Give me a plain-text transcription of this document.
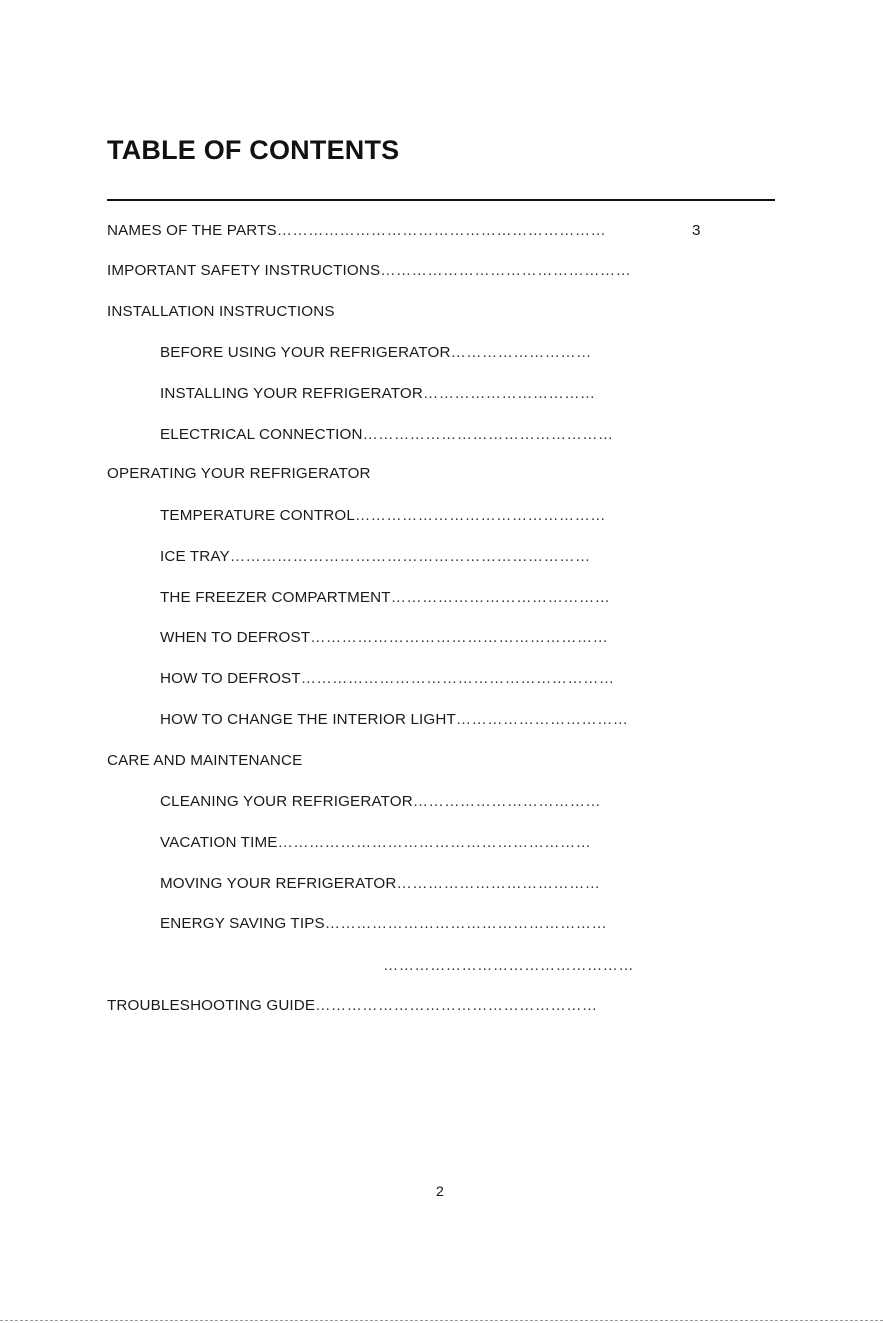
TABLE OF CONTENTS
NAMES OF THE PARTS………………………………………………………	3
IMPORTANT SAFETY INSTRUCTIONS…………………………………………
INSTALLATION INSTRUCTIONS
BEFORE USING YOUR REFRIGERATOR………………………
INSTALLING YOUR REFRIGERATOR……………………………
ELECTRICAL CONNECTION…………………………………………
OPERATING YOUR REFRIGERATOR
TEMPERATURE CONTROL…………………………………………
ICE TRAY……………………………………………………………
THE FREEZER COMPARTMENT……………………………………
WHEN TO DEFROST…………………………………………………
HOW TO DEFROST……………………………………………………
HOW TO CHANGE THE INTERIOR LIGHT……………………………
CARE AND MAINTENANCE
CLEANING YOUR REFRIGERATOR………………………………
VACATION TIME……………………………………………………
MOVING YOUR REFRIGERATOR…………………………………
ENERGY SAVING TIPS………………………………………………
…………………………………………
TROUBLESHOOTING GUIDE………………………………………………
2
